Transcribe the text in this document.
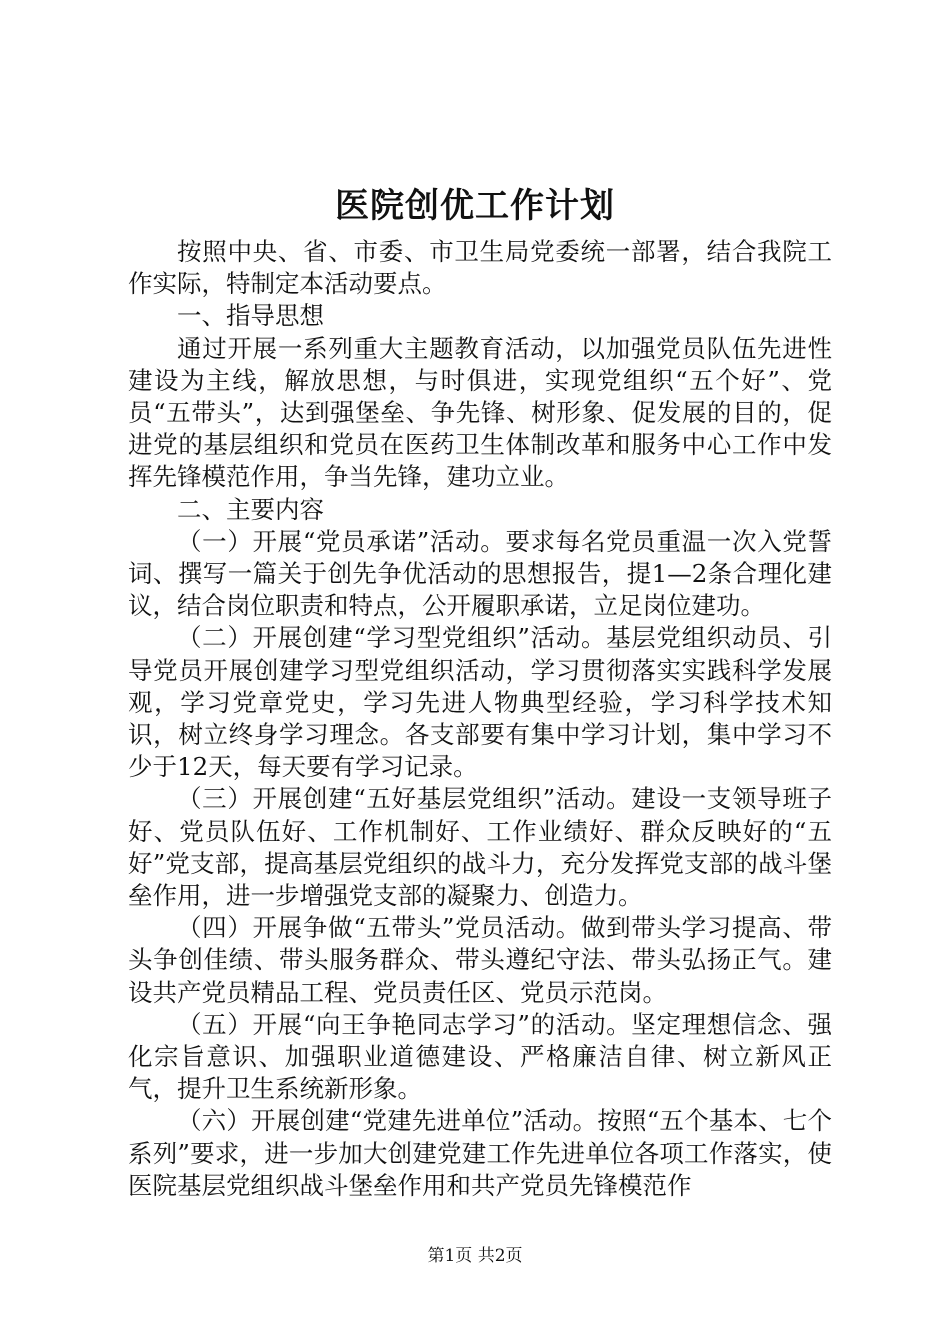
医院创优工作计划

按照中央、省、市委、市卫生局党委统一部署，结合我院工作实际，特制定本活动要点。

一、指导思想

通过开展一系列重大主题教育活动，以加强党员队伍先进性建设为主线，解放思想，与时俱进，实现党组织“五个好”、党员“五带头”，达到强堡垒、争先锋、树形象、促发展的目的，促进党的基层组织和党员在医药卫生体制改革和服务中心工作中发挥先锋模范作用，争当先锋，建功立业。

二、主要内容

（一）开展“党员承诺”活动。要求每名党员重温一次入党誓词、撰写一篇关于创先争优活动的思想报告，提1—2条合理化建议，结合岗位职责和特点，公开履职承诺，立足岗位建功。

（二）开展创建“学习型党组织”活动。基层党组织动员、引导党员开展创建学习型党组织活动，学习贯彻落实实践科学发展观，学习党章党史，学习先进人物典型经验，学习科学技术知识，树立终身学习理念。各支部要有集中学习计划，集中学习不少于12天，每天要有学习记录。

（三）开展创建“五好基层党组织”活动。建设一支领导班子好、党员队伍好、工作机制好、工作业绩好、群众反映好的“五好”党支部，提高基层党组织的战斗力，充分发挥党支部的战斗堡垒作用，进一步增强党支部的凝聚力、创造力。

（四）开展争做“五带头”党员活动。做到带头学习提高、带头争创佳绩、带头服务群众、带头遵纪守法、带头弘扬正气。建设共产党员精品工程、党员责任区、党员示范岗。

（五）开展“向王争艳同志学习”的活动。坚定理想信念、强化宗旨意识、加强职业道德建设、严格廉洁自律、树立新风正气，提升卫生系统新形象。

（六）开展创建“党建先进单位”活动。按照“五个基本、七个系列”要求，进一步加大创建党建工作先进单位各项工作落实，使医院基层党组织战斗堡垒作用和共产党员先锋模范作

第1页 共2页
